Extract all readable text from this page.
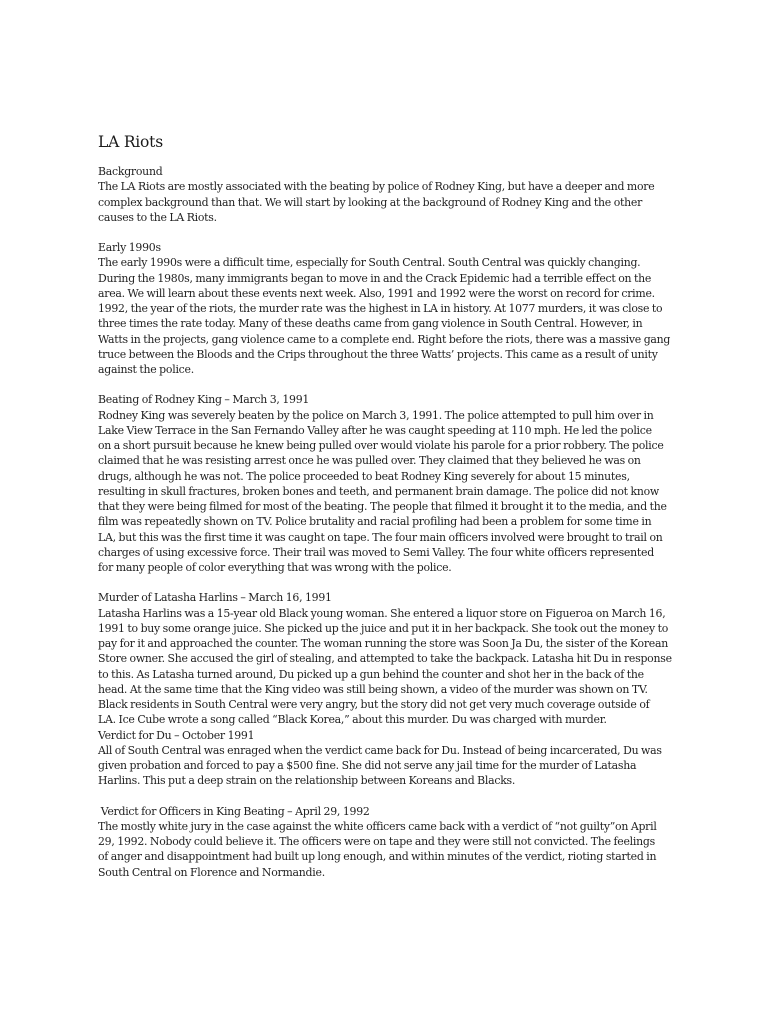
LA Riots

Background

The LA Riots are mostly associated with the beating by police of Rodney King, but have a deeper and more
complex background than that. We will start by looking at the background of Rodney King and the other
causes to the LA Riots.

Early 1990s

The early 1990s were a difficult time, especially for South Central. South Central was quickly changing.
During the 1980s, many immigrants began to move in and the Crack Epidemic had a terrible effect on the
area. We will learn about these events next week. Also, 1991 and 1992 were the worst on record for crime.
1992, the year of the riots, the murder rate was the highest in LA in history. At 1077 murders, it was close to
three times the rate today. Many of these deaths came from gang violence in South Central. However, in
Watts in the projects, gang violence came to a complete end. Right before the riots, there was a massive gang
truce between the Bloods and the Crips throughout the three Watts’ projects. This came as a result of unity
against the police.

Beating of Rodney King – March 3, 1991

Rodney King was severely beaten by the police on March 3, 1991. The police attempted to pull him over in
Lake View Terrace in the San Fernando Valley after he was caught speeding at 110 mph. He led the police
on a short pursuit because he knew being pulled over would violate his parole for a prior robbery. The police
claimed that he was resisting arrest once he was pulled over. They claimed that they believed he was on
drugs, although he was not. The police proceeded to beat Rodney King severely for about 15 minutes,
resulting in skull fractures, broken bones and teeth, and permanent brain damage. The police did not know
that they were being filmed for most of the beating. The people that filmed it brought it to the media, and the
film was repeatedly shown on TV. Police brutality and racial profiling had been a problem for some time in
LA, but this was the first time it was caught on tape. The four main officers involved were brought to trail on
charges of using excessive force. Their trail was moved to Semi Valley. The four white officers represented
for many people of color everything that was wrong with the police.

Murder of Latasha Harlins – March 16, 1991

Latasha Harlins was a 15-year old Black young woman. She entered a liquor store on Figueroa on March 16,
1991 to buy some orange juice. She picked up the juice and put it in her backpack. She took out the money to
pay for it and approached the counter. The woman running the store was Soon Ja Du, the sister of the Korean
Store owner. She accused the girl of stealing, and attempted to take the backpack. Latasha hit Du in response
to this. As Latasha turned around, Du picked up a gun behind the counter and shot her in the back of the
head. At the same time that the King video was still being shown, a video of the murder was shown on TV.
Black residents in South Central were very angry, but the story did not get very much coverage outside of
LA. Ice Cube wrote a song called “Black Korea,” about this murder. Du was charged with murder.

Verdict for Du – October 1991

All of South Central was enraged when the verdict came back for Du. Instead of being incarcerated, Du was
given probation and forced to pay a $500 fine. She did not serve any jail time for the murder of Latasha
Harlins. This put a deep strain on the relationship between Koreans and Blacks.

Verdict for Officers in King Beating – April 29, 1992

The mostly white jury in the case against the white officers came back with a verdict of “not guilty”on April
29, 1992. Nobody could believe it. The officers were on tape and they were still not convicted. The feelings
of anger and disappointment had built up long enough, and within minutes of the verdict, rioting started in
South Central on Florence and Normandie.
